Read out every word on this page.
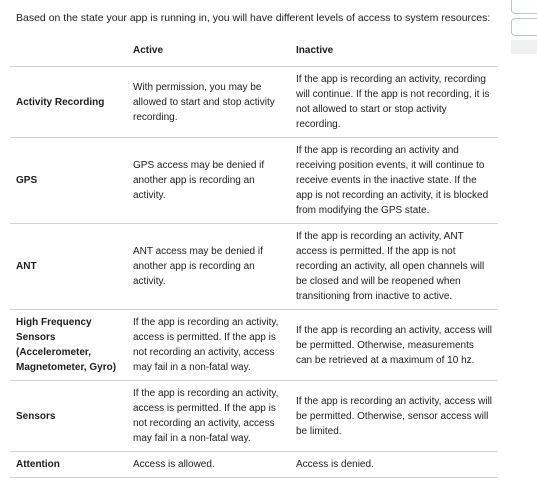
Based on the state your app is running in, you will have different levels of access to system resources:

	Active	Inactive
Activity Recording	With permission, you may be allowed to start and stop activity recording.	If the app is recording an activity, recording will continue. If the app is not recording, it is not allowed to start or stop activity recording.
GPS	GPS access may be denied if another app is recording an activity.	If the app is recording an activity and receiving position events, it will continue to receive events in the inactive state. If the app is not recording an activity, it is blocked from modifying the GPS state.
ANT	ANT access may be denied if another app is recording an activity.	If the app is recording an activity, ANT access is permitted. If the app is not recording an activity, all open channels will be closed and will be reopened when transitioning from inactive to active.
High Frequency Sensors (Accelerometer, Magnetometer, Gyro)	If the app is recording an activity, access is permitted. If the app is not recording an activity, access may fail in a non-fatal way.	If the app is recording an activity, access will be permitted. Otherwise, measurements can be retrieved at a maximum of 10 hz.
Sensors	If the app is recording an activity, access is permitted. If the app is not recording an activity, access may fail in a non-fatal way.	If the app is recording an activity, access will be permitted. Otherwise, sensor access will be limited.
Attention	Access is allowed.	Access is denied.
